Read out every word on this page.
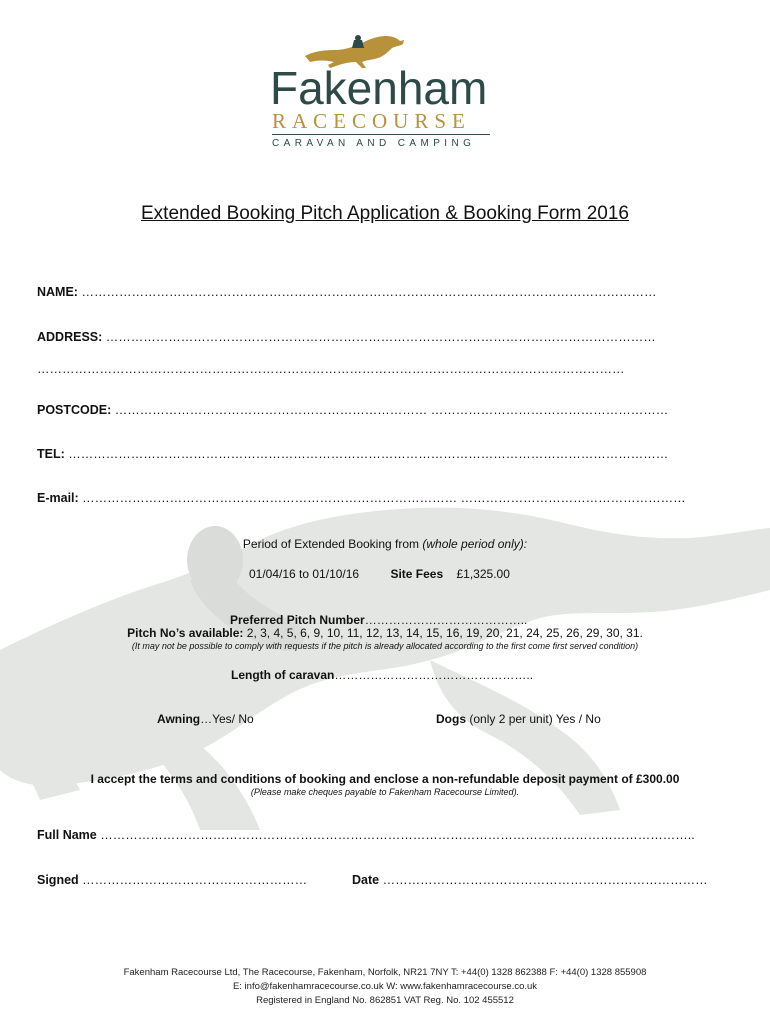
Fakenham
RACECOURSE
CARAVAN AND CAMPING
Extended Booking Pitch Application & Booking Form 2016
NAME: …………………………………………………………………………………………………………………………
ADDRESS: ……………………………………………………………………………………………………………………
……………………………………………………………………………………………………………………………
POSTCODE: ………………………………………………………………… …………………………………………………
TEL: ………………………………………………………………………………………………………………………………
E-mail: ……………………………………………………………………………… ………………………………………………
Period of Extended Booking from (whole period only):
01/04/16 to 01/10/16	Site Fees £1,325.00
Preferred Pitch Number…………………………………..
Pitch No’s available: 2, 3, 4, 5, 6, 9, 10, 11, 12, 13, 14, 15, 16, 19, 20, 21, 24, 25, 26, 29, 30, 31.
(It may not be possible to comply with requests if the pitch is already allocated according to the first come first served condition)
Length of caravan…………………………………………..
Awning…Yes/ No	Dogs (only 2 per unit) Yes / No
I accept the terms and conditions of booking and enclose a non-refundable deposit payment of £300.00
(Please make cheques payable to Fakenham Racecourse Limited).
Full Name ……………………………………………………………………………………………………………………………..
Signed ………………………………………………	Date ……………………………………………………………………
Fakenham Racecourse Ltd, The Racecourse, Fakenham, Norfolk, NR21 7NY T: +44(0) 1328 862388 F: +44(0) 1328 855908
E: info@fakenhamracecourse.co.uk W: www.fakenhamracecourse.co.uk
Registered in England No. 862851 VAT Reg. No. 102 455512
